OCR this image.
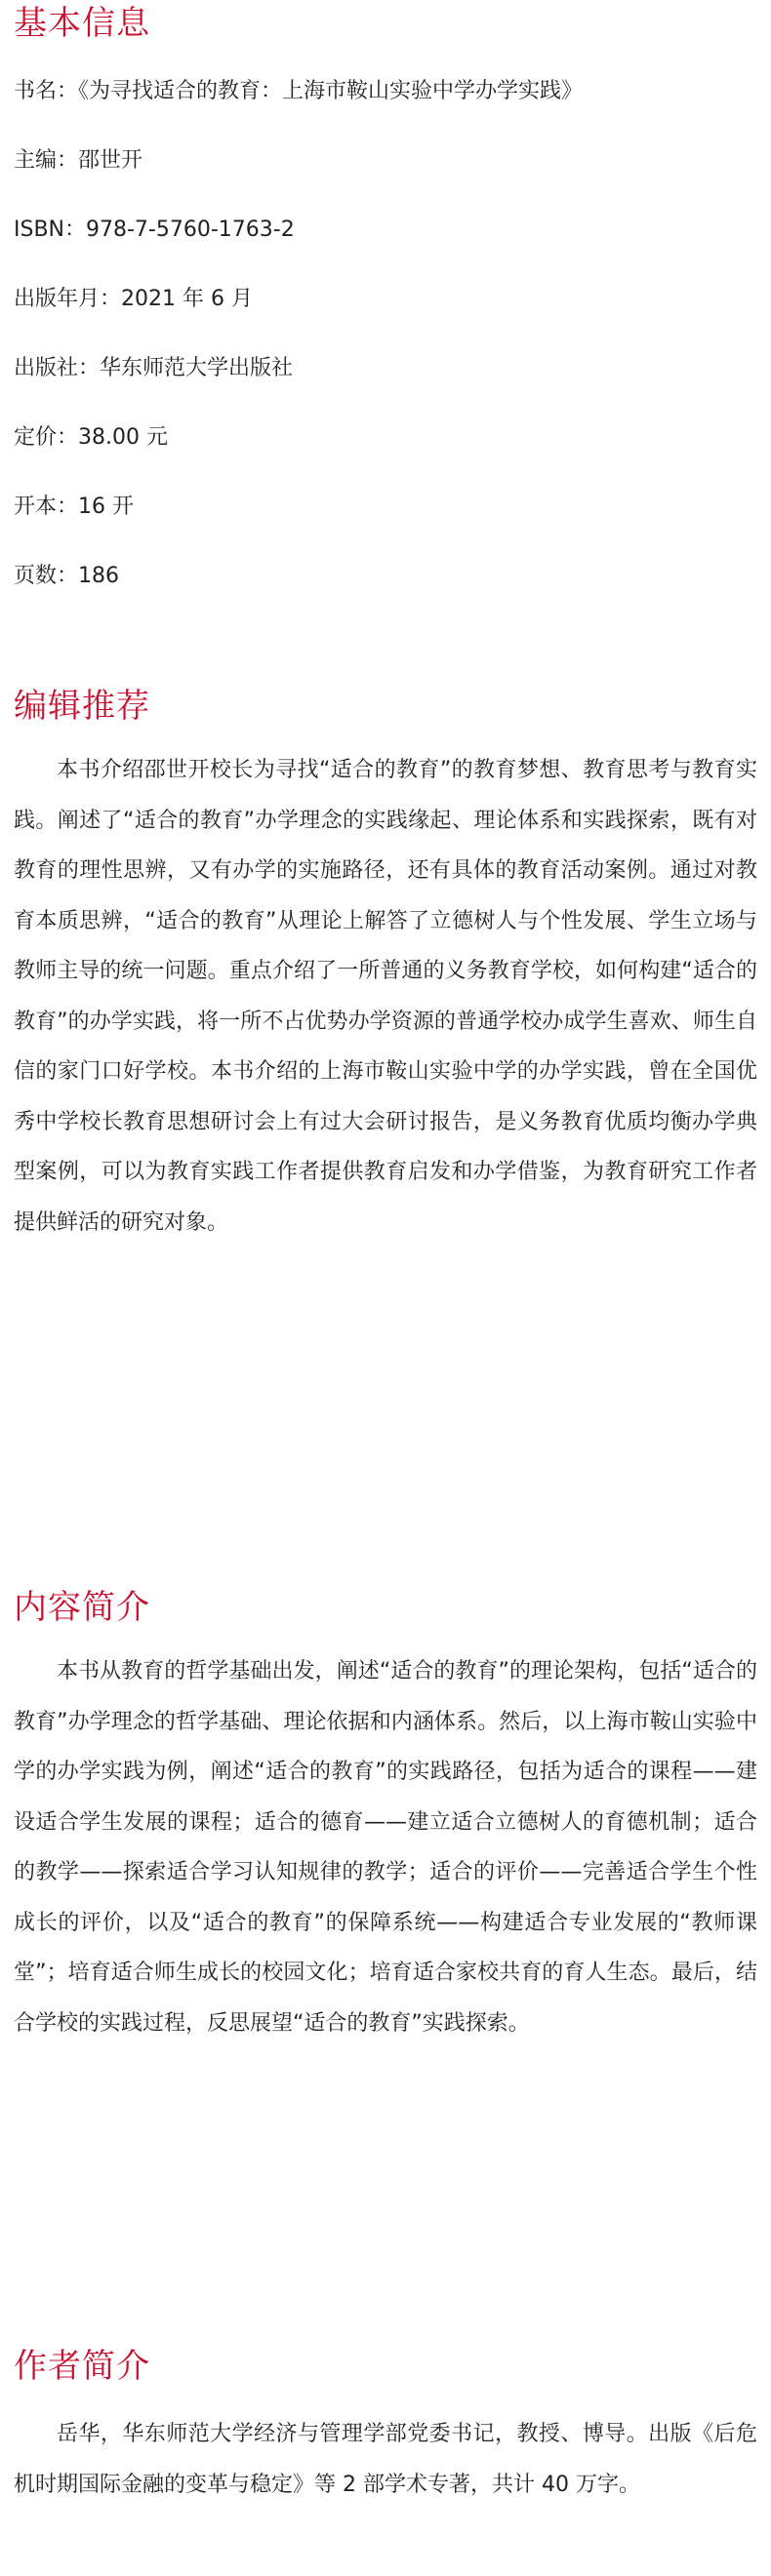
基本信息

书名：《为寻找适合的教育：上海市鞍山实验中学办学实践》

主编：邵世开

ISBN：978-7-5760-1763-2

出版年月：2021 年 6 月

出版社：华东师范大学出版社

定价：38.00 元

开本：16 开

页数：186

编辑推荐

本书介绍邵世开校长为寻找“适合的教育”的教育梦想、教育思考与教育实践。阐述了“适合的教育”办学理念的实践缘起、理论体系和实践探索，既有对教育的理性思辨，又有办学的实施路径，还有具体的教育活动案例。通过对教育本质思辨，“适合的教育”从理论上解答了立德树人与个性发展、学生立场与教师主导的统一问题。重点介绍了一所普通的义务教育学校，如何构建“适合的教育”的办学实践，将一所不占优势办学资源的普通学校办成学生喜欢、师生自信的家门口好学校。本书介绍的上海市鞍山实验中学的办学实践，曾在全国优秀中学校长教育思想研讨会上有过大会研讨报告，是义务教育优质均衡办学典型案例，可以为教育实践工作者提供教育启发和办学借鉴，为教育研究工作者提供鲜活的研究对象。

内容简介

本书从教育的哲学基础出发，阐述“适合的教育”的理论架构，包括“适合的教育”办学理念的哲学基础、理论依据和内涵体系。然后，以上海市鞍山实验中学的办学实践为例，阐述“适合的教育”的实践路径，包括为适合的课程——建设适合学生发展的课程；适合的德育——建立适合立德树人的育德机制；适合的教学——探索适合学习认知规律的教学；适合的评价——完善适合学生个性成长的评价，以及“适合的教育”的保障系统——构建适合专业发展的“教师课堂”；培育适合师生成长的校园文化；培育适合家校共育的育人生态。最后，结合学校的实践过程，反思展望“适合的教育”实践探索。

作者简介

岳华，华东师范大学经济与管理学部党委书记，教授、博导。出版《后危机时期国际金融的变革与稳定》等 2 部学术专著，共计 40 万字。
